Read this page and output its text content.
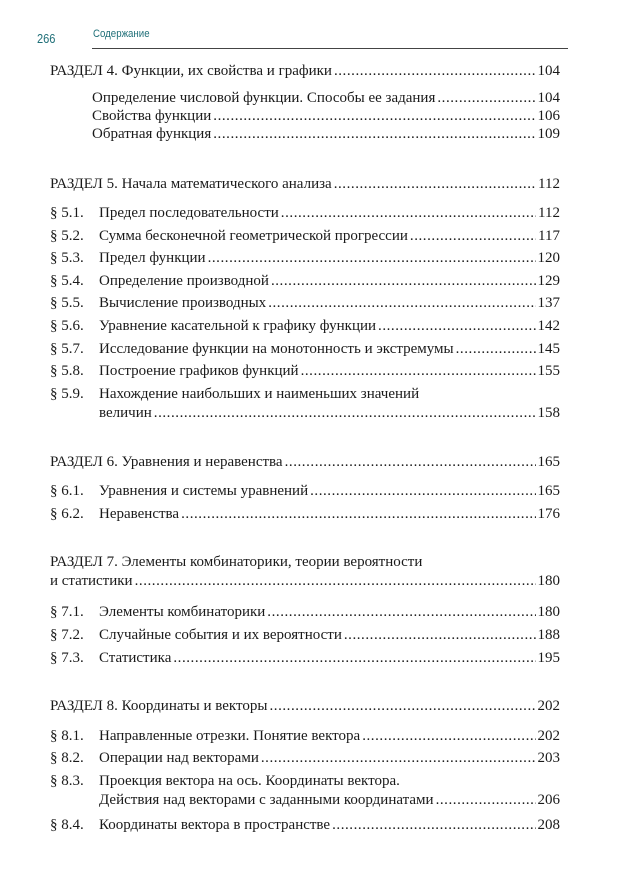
266	Содержание
РАЗДЕЛ 4. Функции, их свойства и графики . . .	104
Определение числовой функции. Способы ее задания . . .	104
Свойства функции . . .	106
Обратная функция . . .	109
РАЗДЕЛ 5. Начала математического анализа . . .	112
§ 5.1.	Предел последовательности . . .	112
§ 5.2.	Сумма бесконечной геометрической прогрессии . . .	117
§ 5.3.	Предел функции . . .	120
§ 5.4.	Определение производной . . .	129
§ 5.5.	Вычисление производных . . .	137
§ 5.6.	Уравнение касательной к графику функции . . .	142
§ 5.7.	Исследование функции на монотонность и экстремумы . . .	145
§ 5.8.	Построение графиков функций . . .	155
§ 5.9. Нахождение наибольших и наименьших значений
величин . . .	158
РАЗДЕЛ 6. Уравнения и неравенства . . .	165
§ 6.1.	Уравнения и системы уравнений . . .	165
§ 6.2.	Неравенства . . .	176
РАЗДЕЛ 7. Элементы комбинаторики, теории вероятности
и статистики . . .	180
§ 7.1.	Элементы комбинаторики . . .	180
§ 7.2.	Случайные события и их вероятности . . .	188
§ 7.3.	Статистика . . .	195
РАЗДЕЛ 8. Координаты и векторы . . .	202
§ 8.1.	Направленные отрезки. Понятие вектора . . .	202
§ 8.2.	Операции над векторами . . .	203
§ 8.3. Проекция вектора на ось. Координаты вектора.
Действия над векторами с заданными координатами . . .	206
§ 8.4.	Координаты вектора в пространстве . . .	208
